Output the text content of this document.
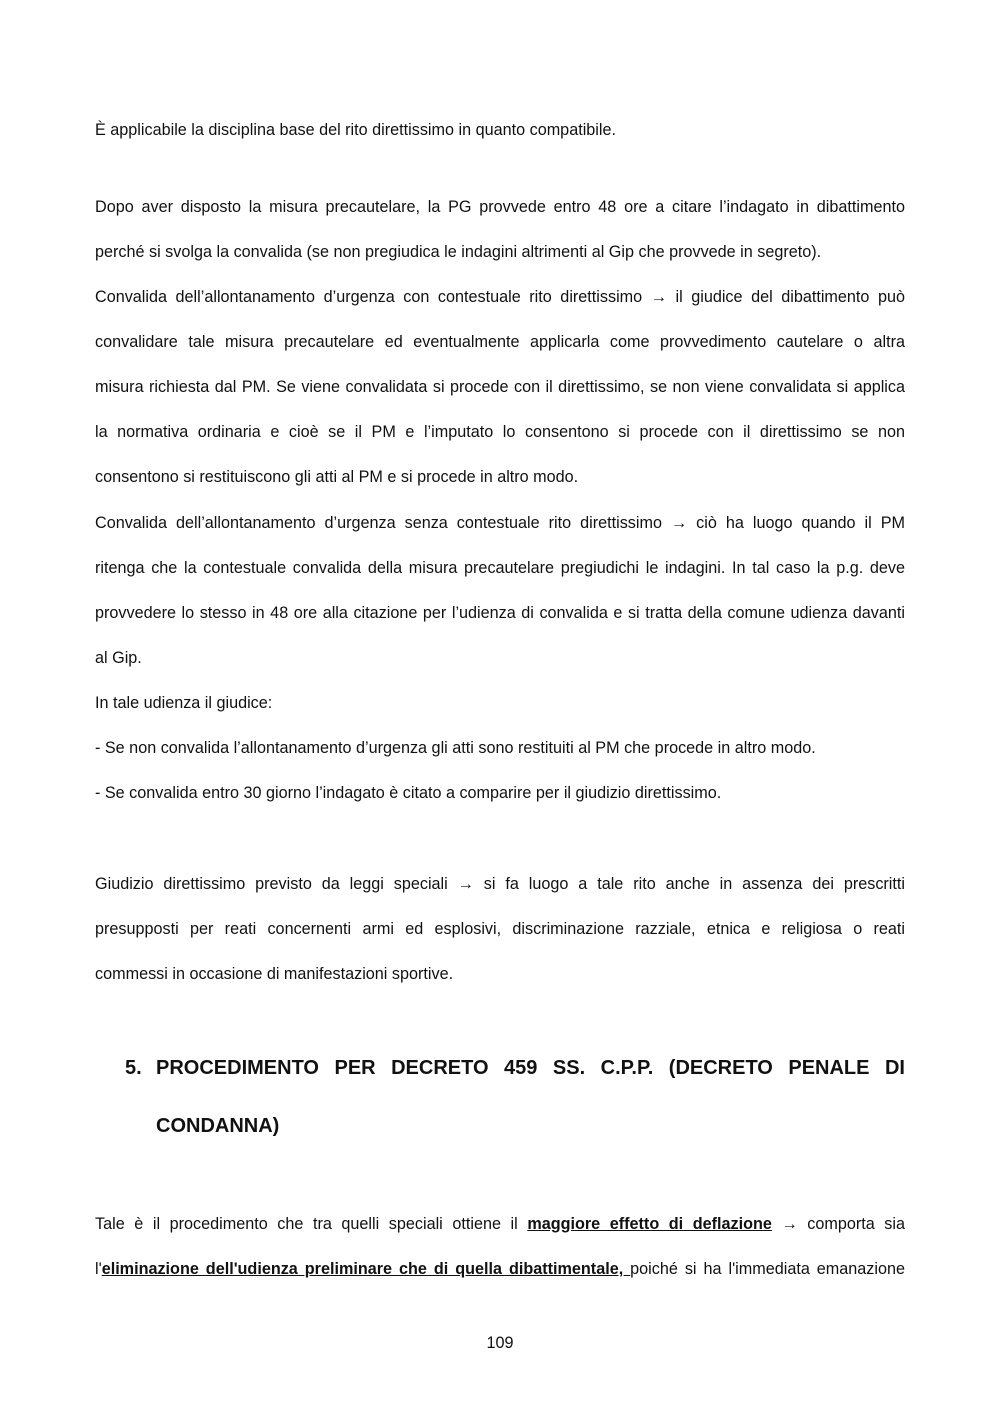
È applicabile la disciplina base del rito direttissimo in quanto compatibile.
Dopo aver disposto la misura precautelare, la PG provvede entro 48 ore a citare l’indagato in dibattimento
perché si svolga la convalida (se non pregiudica le indagini altrimenti al Gip che provvede in segreto).
Convalida dell’allontanamento d’urgenza con contestuale rito direttissimo → il giudice del dibattimento può
convalidare tale misura precautelare ed eventualmente applicarla come provvedimento cautelare o altra
misura richiesta dal PM. Se viene convalidata si procede con il direttissimo, se non viene convalidata si applica
la normativa ordinaria e cioè se il PM e l’imputato lo consentono si procede con il direttissimo se non
consentono si restituiscono gli atti al PM e si procede in altro modo.
Convalida dell’allontanamento d’urgenza senza contestuale rito direttissimo → ciò ha luogo quando il PM
ritenga che la contestuale convalida della misura precautelare pregiudichi le indagini. In tal caso la p.g. deve
provvedere lo stesso in 48 ore alla citazione per l’udienza di convalida e si tratta della comune udienza davanti
al Gip.
In tale udienza il giudice:
- Se non convalida l’allontanamento d’urgenza gli atti sono restituiti al PM che procede in altro modo.
- Se convalida entro 30 giorno l’indagato è citato a comparire per il giudizio direttissimo.
Giudizio direttissimo previsto da leggi speciali → si fa luogo a tale rito anche in assenza dei prescritti
presupposti per reati concernenti armi ed esplosivi, discriminazione razziale, etnica e religiosa o reati
commessi in occasione di manifestazioni sportive.
5. PROCEDIMENTO PER DECRETO 459 SS. C.P.P. (DECRETO PENALE DI
CONDANNA)
Tale è il procedimento che tra quelli speciali ottiene il maggiore effetto di deflazione → comporta sia
l'eliminazione dell'udienza preliminare che di quella dibattimentale, poiché si ha l'immediata emanazione
109
